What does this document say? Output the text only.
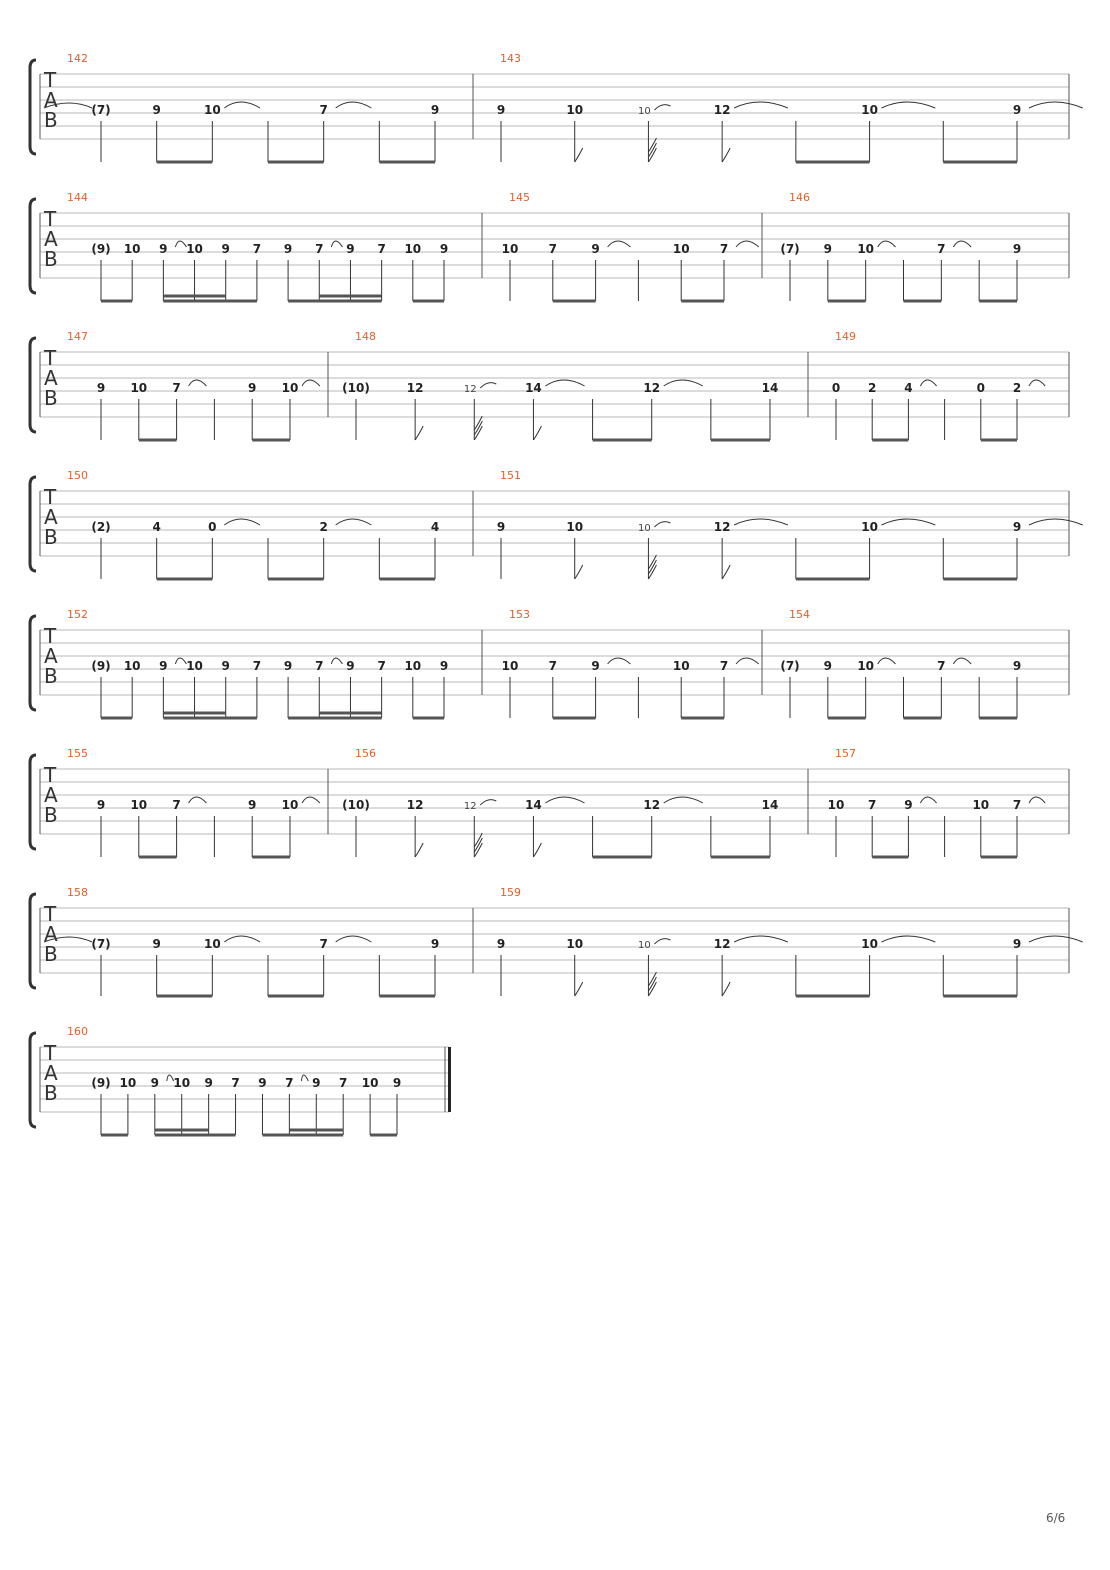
T
A
B
142
(7)	9	10	7	9
143
9	10	10	12	10	9
T
A
B
144
(9) 10 9 10 9 7 9 7 9 7 10 9
145
10	7	9	10	7
146
(7) 9 10	7	9
T
A
B
147
9 10 7	9 10
148
(10)	12	12	14	12	14
149
0 2 4	0 2
T
A
B
150
(2)	4	0	2	4
151
9	10	10	12	10	9
T
A
B
152
(9) 10 9 10 9 7 9 7 9 7 10 9
153
10	7	9	10	7
154
(7) 9 10	7	9
T
A
B
155
9 10 7	9 10
156
(10)	12	12	14	12	14
157
10 7 9	10 7
T
A
B
158
(7)	9	10	7	9
159
9	10	10	12	10	9
T
A
B
160
(9) 10 9 10 9 7 9 7 9 7 10 9
6/6
